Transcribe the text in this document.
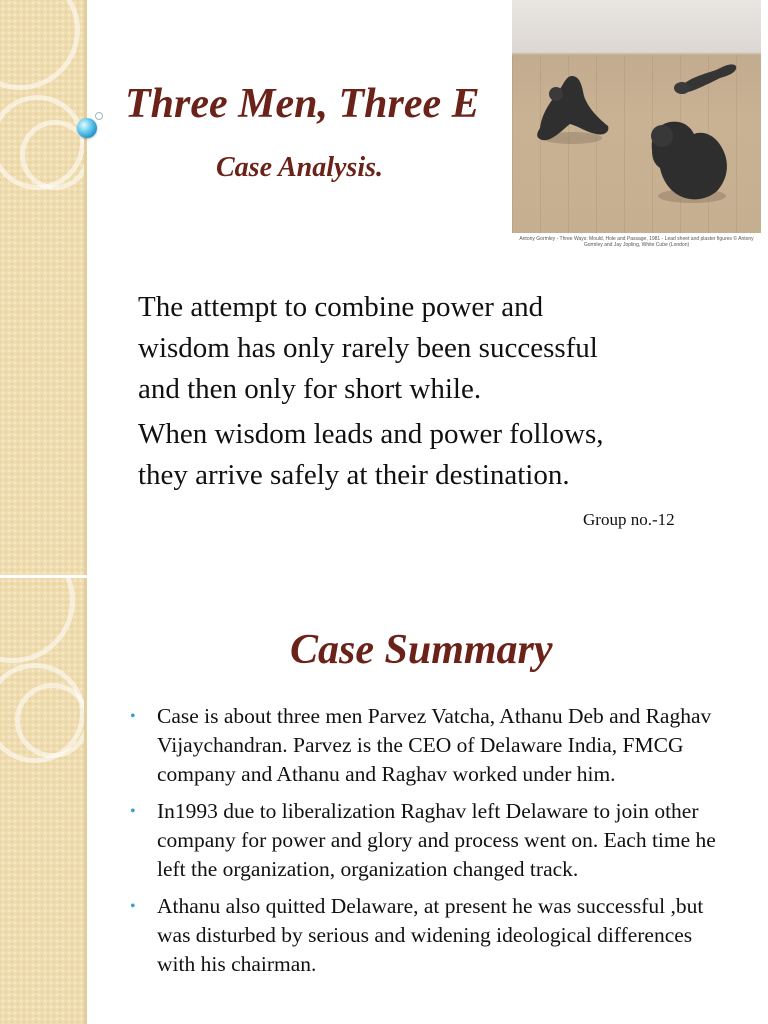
Three Men, Three E
Case Analysis.
Antony Gormley - Three Ways: Mould, Hole and Passage, 1981 - Lead sheet and plaster figures © Antony Gormley and Jay Jopling, White Cube (London)

The attempt to combine power and wisdom has only rarely been successful and then only for short while.

When wisdom leads and power follows, they arrive safely at their destination.

Group no.-12
Case Summary
• Case is about three men Parvez Vatcha, Athanu Deb and Raghav Vijaychandran. Parvez is the CEO of Delaware India, FMCG company and Athanu and Raghav worked under him.
• In1993 due to liberalization Raghav left Delaware to join other company for power and glory and process went on. Each time he left the organization, organization changed track.
• Athanu also quitted Delaware, at present he was successful ,but was disturbed by serious and widening ideological differences with his chairman.
